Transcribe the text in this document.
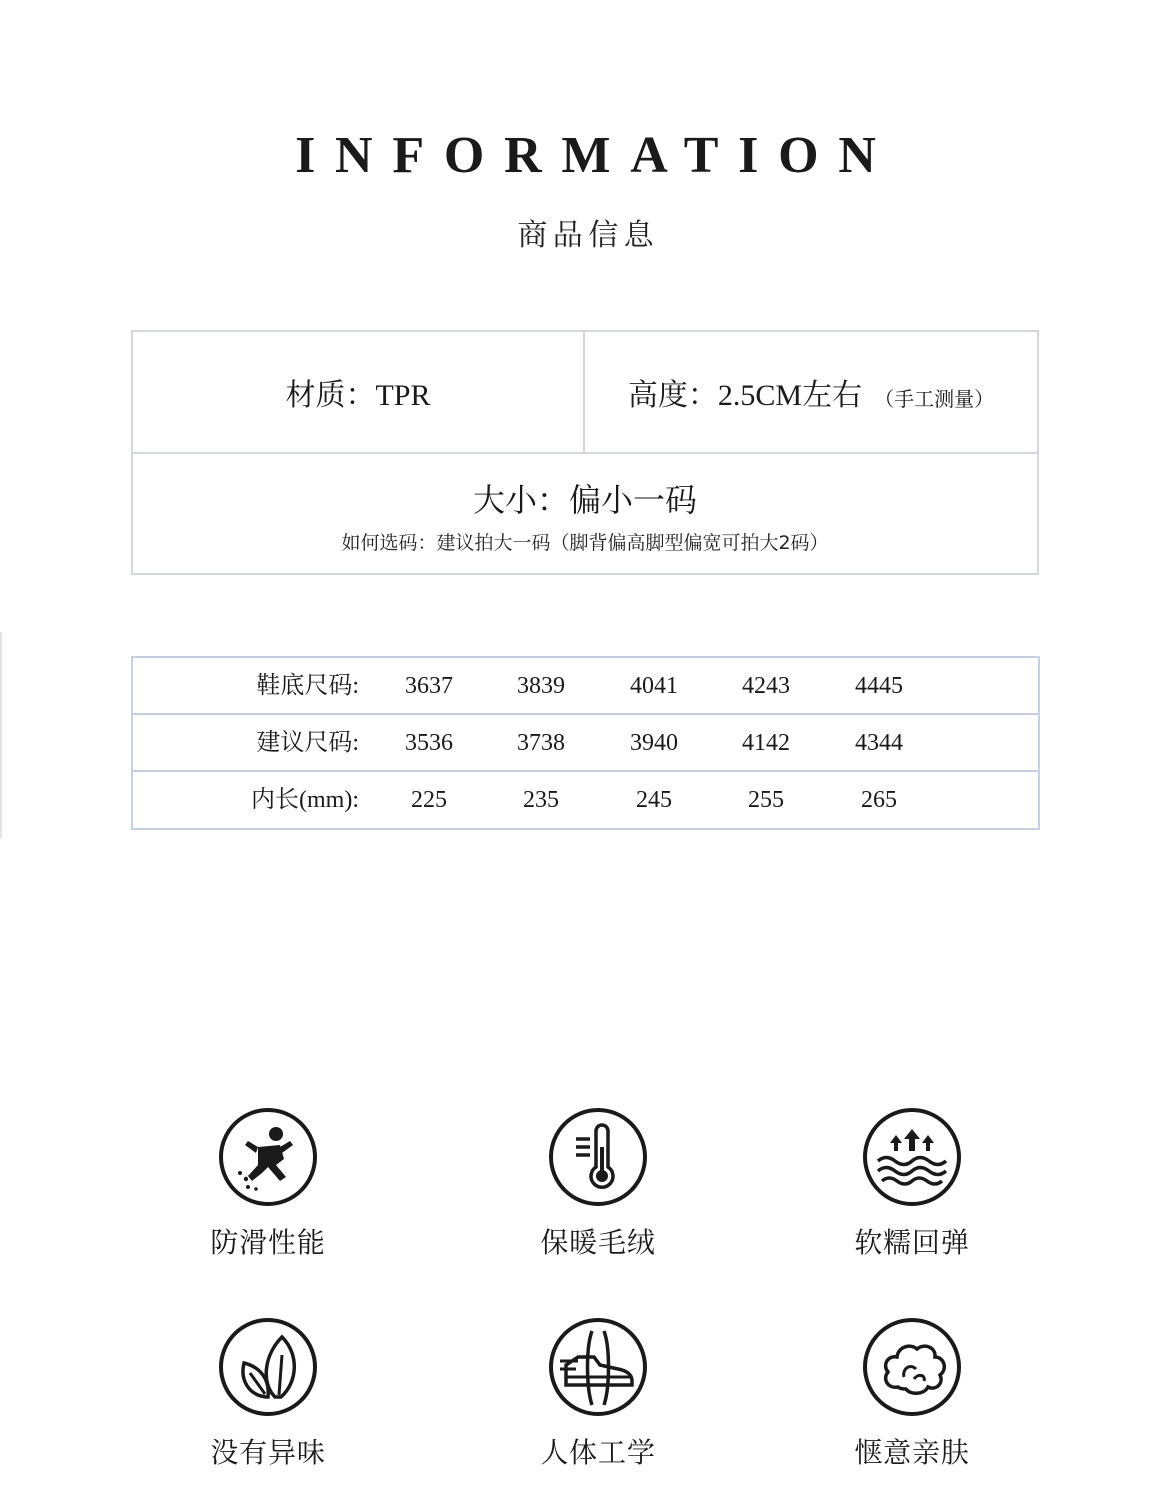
INFORMATION
商品信息
材质：TPR	高度：2.5CM左右 （手工测量）
大小：偏小一码
如何选码：建议拍大一码（脚背偏高脚型偏宽可拍大2码）
鞋底尺码:	3637	3839	4041	4243	4445
建议尺码:	3536	3738	3940	4142	4344
内长(mm):	225	235	245	255	265
防滑性能	保暖毛绒	软糯回弹
没有异味	人体工学	惬意亲肤
